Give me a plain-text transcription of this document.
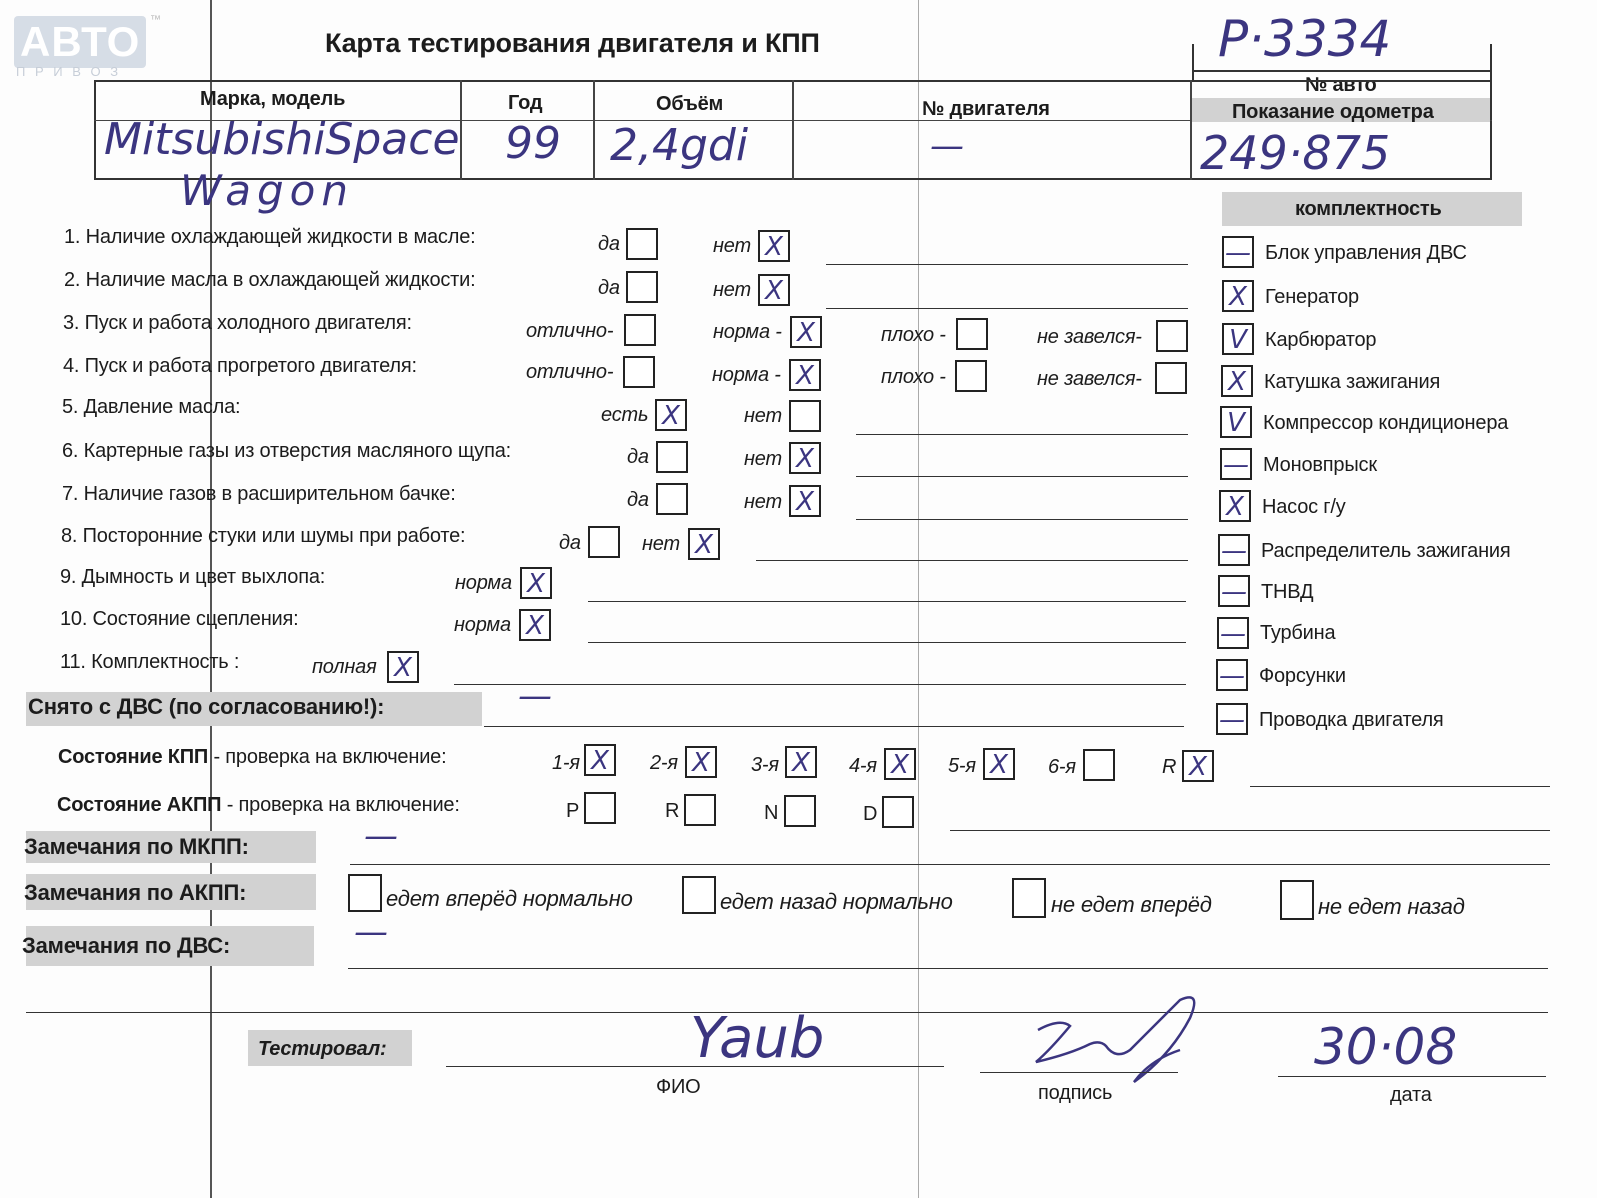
АВТО ™
П Р И В О З
Карта тестирования двигателя и КПП	P·3334
№ авто
Марка, модель	Год	Объём	№ двигателя	Показание одометра
MitsubishiSpace
Wagon
99 2,4gdi	—	249·875
комплектность
— Блок управления ДВС
X Генератор
V Карбюратор
X Катушка зажигания
V Компрессор кондиционера
— Моновпрыск
X Насос г/у
— Распределитель зажигания
— ТНВД
— Турбина
— Форсунки
— Проводка двигателя
1. Наличие охлаждающей жидкости в масле:	да	нет X
2. Наличие масла в охлаждающей жидкости:	да	нет X
3. Пуск и работа холодного двигателя:	отлично-	норма - X	плохо -	не завелся-
4. Пуск и работа прогретого двигателя:	отлично-	норма - X	плохо -	не завелся-
5. Давление масла:	есть X	нет
6. Картерные газы из отверстия масляного щупа:	да	нет X
7. Наличие газов в расширительном бачке:	да	нет X
8. Посторонние стуки или шумы при работе:	да	нет X
9. Дымность и цвет выхлопа:	норма X
10. Состояние сцепления:	норма X
11. Комплектность :	полная X
Снято с ДВС (по согласованию!):	—
Состояние КПП - проверка на включение:	1-я X 2-я X 3-я X 4-я X 5-я X 6-я	R X
Состояние АКПП - проверка на включение:	P	R	N	D
Замечания по МКПП:	—
Замечания по АКПП:	едет вперёд нормально	едет назад нормально	не едет вперёд	не едет назад
Замечания по ДВС:	—
Тестировал:	Yaub
ФИО	подпись
30·08
дата
